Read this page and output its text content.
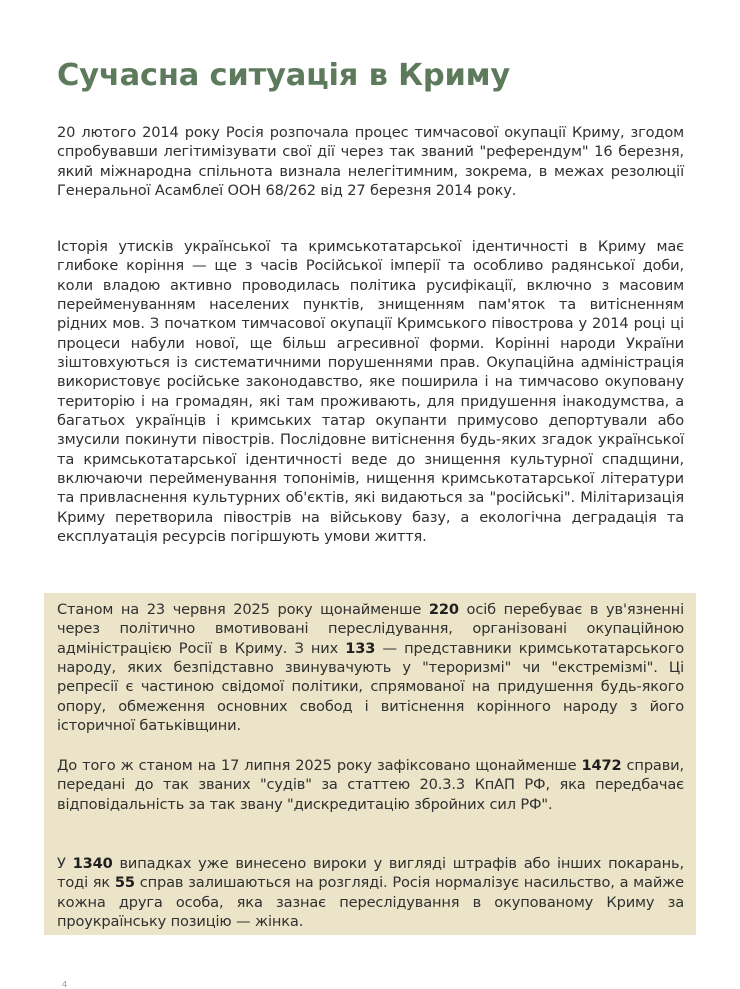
Сучасна ситуація в Криму

20 лютого 2014 року Росія розпочала процес тимчасової окупації Криму, згодом спробувавши легітимізувати свої дії через так званий "референдум" 16 березня, який міжнародна спільнота визнала нелегітимним, зокрема, в межах резолюції Генеральної Асамблеї ООН 68/262 від 27 березня 2014 року.

Історія утисків української та кримськотатарської ідентичності в Криму має глибоке коріння — ще з часів Російської імперії та особливо радянської доби, коли владою активно проводилась політика русифікації, включно з масовим перейменуванням населених пунктів, знищенням пам'яток та витісненням рідних мов. З початком тимчасової окупації Кримського півострова у 2014 році ці процеси набули нової, ще більш агресивної форми. Корінні народи України зіштовхуються із систематичними порушеннями прав. Окупаційна адміністрація використовує російське законодавство, яке поширила і на тимчасово окуповану територію і на громадян, які там проживають, для придушення інакодумства, а багатьох українців і кримських татар окупанти примусово депортували або змусили покинути півострів. Послідовне витіснення будь-яких згадок української та кримськотатарської ідентичності веде до знищення культурної спадщини, включаючи перейменування топонімів, нищення кримськотатарської літератури та привласнення культурних об'єктів, які видаються за "російські". Мілітаризація Криму перетворила півострів на військову базу, а екологічна деградація та експлуатація ресурсів погіршують умови життя.

Станом на 23 червня 2025 року щонайменше 220 осіб перебуває в ув'язненні через політично вмотивовані переслідування, організовані окупаційною адміністрацією Росії в Криму. З них 133 — представники кримськотатарського народу, яких безпідставно звинувачують у "тероризмі" чи "екстремізмі". Ці репресії є частиною свідомої політики, спрямованої на придушення будь-якого опору, обмеження основних свобод і витіснення корінного народу з його історичної батьківщини.

До того ж станом на 17 липня 2025 року зафіксовано щонайменше 1472 справи, передані до так званих "судів" за статтею 20.3.3 КпАП РФ, яка передбачає відповідальність за так звану "дискредитацію збройних сил РФ".

У 1340 випадках уже винесено вироки у вигляді штрафів або інших покарань, тоді як 55 справ залишаються на розгляді. Росія нормалізує насильство, а майже кожна друга особа, яка зазнає переслідування в окупованому Криму за проукраїнську позицію — жінка.

4
